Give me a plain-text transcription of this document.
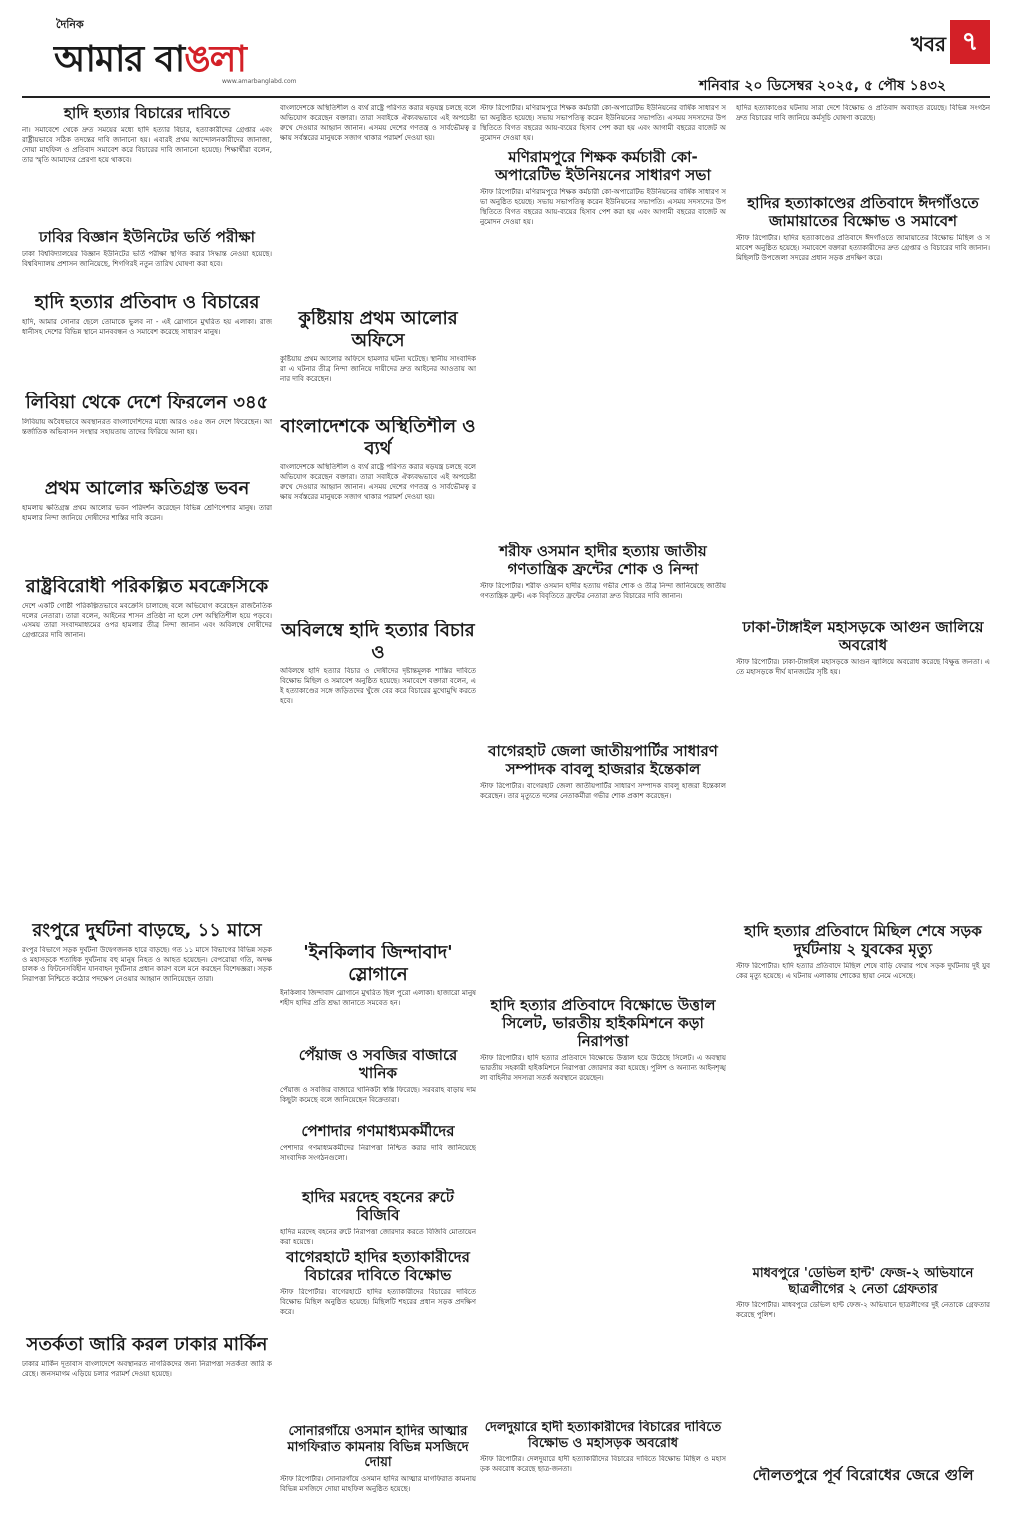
দৈনিক
আমার বাঙলা
www.amarbanglabd.com
খবর ৭
শনিবার ২০ ডিসেম্বর ২০২৫, ৫ পৌষ ১৪৩২
হাদি হত্যার বিচারের দাবিতে
না। সমাবেশে থেকে দ্রুত সময়ের মধ্যে হাদি হত্যার বিচার, হত্যাকারীদের গ্রেপ্তার এবং রাষ্ট্রীয়ভাবে সঠিক তদন্তের দাবি জানানো হয়। এবারই প্রথম আন্দোলনকারীদের জানাজা, দোয়া মাহফিল ও প্রতিবাদ সমাবেশ করে বিচারের দাবি জানানো হয়েছে। শিক্ষার্থীরা বলেন, তার স্মৃতি আমাদের প্রেরণা হয়ে থাকবে।
ঢাবির বিজ্ঞান ইউনিটের ভর্তি পরীক্ষা
ঢাকা বিশ্ববিদ্যালয়ের বিজ্ঞান ইউনিটের ভর্তি পরীক্ষা স্থগিত করার সিদ্ধান্ত নেওয়া হয়েছে। বিশ্ববিদ্যালয় প্রশাসন জানিয়েছে, শিগগিরই নতুন তারিখ ঘোষণা করা হবে।
হাদি হত্যার প্রতিবাদ ও বিচারের
হাদি, আমার সোনার ছেলে তোমাকে ভুলব না - এই স্লোগানে মুখরিত হয় এলাকা। রাজধানীসহ দেশের বিভিন্ন স্থানে মানববন্ধন ও সমাবেশ করেছে সাধারণ মানুষ।
লিবিয়া থেকে দেশে ফিরলেন ৩৪৫
লিবিয়ায় অবৈধভাবে অবস্থানরত বাংলাদেশিদের মধ্যে আরও ৩৪৫ জন দেশে ফিরেছেন। আন্তর্জাতিক অভিবাসন সংস্থার সহায়তায় তাদের ফিরিয়ে আনা হয়।
প্রথম আলোর ক্ষতিগ্রস্ত ভবন
হামলায় ক্ষতিগ্রস্ত প্রথম আলোর ভবন পরিদর্শন করেছেন বিভিন্ন শ্রেণিপেশার মানুষ। তারা হামলার নিন্দা জানিয়ে দোষীদের শাস্তির দাবি করেন।
রাষ্ট্রবিরোধী পরিকল্পিত মবক্রেসিকে
দেশে একটি গোষ্ঠী পরিকল্পিতভাবে মবক্রেসি চালাচ্ছে বলে অভিযোগ করেছেন রাজনৈতিক দলের নেতারা। তারা বলেন, আইনের শাসন প্রতিষ্ঠা না হলে দেশ অস্থিতিশীল হয়ে পড়বে। এসময় তারা সংবাদমাধ্যমের ওপর হামলার তীব্র নিন্দা জানান এবং অবিলম্বে দোষীদের গ্রেপ্তারের দাবি জানান।
রংপুরে দুর্ঘটনা বাড়ছে, ১১ মাসে
রংপুর বিভাগে সড়ক দুর্ঘটনা উদ্বেগজনক হারে বাড়ছে। গত ১১ মাসে বিভাগের বিভিন্ন সড়ক ও মহাসড়কে শতাধিক দুর্ঘটনায় বহু মানুষ নিহত ও আহত হয়েছেন। বেপরোয়া গতি, অদক্ষ চালক ও ফিটনেসবিহীন যানবাহন দুর্ঘটনার প্রধান কারণ বলে মনে করছেন বিশেষজ্ঞরা। সড়ক নিরাপত্তা নিশ্চিতে কঠোর পদক্ষেপ নেওয়ার আহ্বান জানিয়েছেন তারা।
সতর্কতা জারি করল ঢাকার মার্কিন
ঢাকার মার্কিন দূতাবাস বাংলাদেশে অবস্থানরত নাগরিকদের জন্য নিরাপত্তা সতর্কতা জারি করেছে। জনসমাগম এড়িয়ে চলার পরামর্শ দেওয়া হয়েছে।
বাংলাদেশকে অস্থিতিশীল ও ব্যর্থ রাষ্ট্রে পরিণত করার ষড়যন্ত্র চলছে বলে অভিযোগ করেছেন বক্তারা। তারা সবাইকে ঐক্যবদ্ধভাবে এই অপচেষ্টা রুখে দেওয়ার আহ্বান জানান। এসময় দেশের গণতন্ত্র ও সার্বভৌমত্ব রক্ষায় সর্বস্তরের মানুষকে সজাগ থাকার পরামর্শ দেওয়া হয়।
কুষ্টিয়ায় প্রথম আলোর অফিসে
কুষ্টিয়ায় প্রথম আলোর অফিসে হামলার ঘটনা ঘটেছে। স্থানীয় সাংবাদিকরা এ ঘটনার তীব্র নিন্দা জানিয়ে দায়ীদের দ্রুত আইনের আওতায় আনার দাবি করেছেন।
বাংলাদেশকে অস্থিতিশীল ও ব্যর্থ
বাংলাদেশকে অস্থিতিশীল ও ব্যর্থ রাষ্ট্রে পরিণত করার ষড়যন্ত্র চলছে বলে অভিযোগ করেছেন বক্তারা। তারা সবাইকে ঐক্যবদ্ধভাবে এই অপচেষ্টা রুখে দেওয়ার আহ্বান জানান। এসময় দেশের গণতন্ত্র ও সার্বভৌমত্ব রক্ষায় সর্বস্তরের মানুষকে সজাগ থাকার পরামর্শ দেওয়া হয়।
অবিলম্বে হাদি হত্যার বিচার ও
অবিলম্বে হাদি হত্যার বিচার ও দোষীদের দৃষ্টান্তমূলক শাস্তির দাবিতে বিক্ষোভ মিছিল ও সমাবেশ অনুষ্ঠিত হয়েছে। সমাবেশে বক্তারা বলেন, এই হত্যাকাণ্ডের সঙ্গে জড়িতদের খুঁজে বের করে বিচারের মুখোমুখি করতে হবে।
'ইনকিলাব জিন্দাবাদ' স্লোগানে
ইনকিলাব জিন্দাবাদ স্লোগানে মুখরিত ছিল পুরো এলাকা। হাজারো মানুষ শহীদ হাদির প্রতি শ্রদ্ধা জানাতে সমবেত হন।
পেঁয়াজ ও সবজির বাজারে খানিক
পেঁয়াজ ও সবজির বাজারে খানিকটা স্বস্তি ফিরেছে। সরবরাহ বাড়ায় দাম কিছুটা কমেছে বলে জানিয়েছেন বিক্রেতারা।
পেশাদার গণমাধ্যমকর্মীদের
পেশাদার গণমাধ্যমকর্মীদের নিরাপত্তা নিশ্চিত করার দাবি জানিয়েছে সাংবাদিক সংগঠনগুলো।
হাদির মরদেহ বহনের রুটে বিজিবি
হাদির মরদেহ বহনের রুটে নিরাপত্তা জোরদার করতে বিজিবি মোতায়েন করা হয়েছে।
বাগেরহাটে হাদির হত্যাকারীদের বিচারের দাবিতে বিক্ষোভ
স্টাফ রিপোর্টার। বাগেরহাটে হাদির হত্যাকারীদের বিচারের দাবিতে বিক্ষোভ মিছিল অনুষ্ঠিত হয়েছে। মিছিলটি শহরের প্রধান সড়ক প্রদক্ষিণ করে।
সোনারগাঁয়ে ওসমান হাদির আত্মার মাগফিরাত কামনায় বিভিন্ন মসজিদে দোয়া
স্টাফ রিপোর্টার। সোনারগাঁয়ে ওসমান হাদির আত্মার মাগফিরাত কামনায় বিভিন্ন মসজিদে দোয়া মাহফিল অনুষ্ঠিত হয়েছে।
স্টাফ রিপোর্টার। মণিরামপুরে শিক্ষক কর্মচারী কো-অপারেটিভ ইউনিয়নের বার্ষিক সাধারণ সভা অনুষ্ঠিত হয়েছে। সভায় সভাপতিত্ব করেন ইউনিয়নের সভাপতি। এসময় সদস্যদের উপস্থিতিতে বিগত বছরের আয়-ব্যয়ের হিসাব পেশ করা হয় এবং আগামী বছরের বাজেট অনুমোদন দেওয়া হয়।
মণিরামপুরে শিক্ষক কর্মচারী কো-অপারেটিভ ইউনিয়নের সাধারণ সভা
স্টাফ রিপোর্টার। মণিরামপুরে শিক্ষক কর্মচারী কো-অপারেটিভ ইউনিয়নের বার্ষিক সাধারণ সভা অনুষ্ঠিত হয়েছে। সভায় সভাপতিত্ব করেন ইউনিয়নের সভাপতি। এসময় সদস্যদের উপস্থিতিতে বিগত বছরের আয়-ব্যয়ের হিসাব পেশ করা হয় এবং আগামী বছরের বাজেট অনুমোদন দেওয়া হয়।
শরীফ ওসমান হাদীর হত্যায় জাতীয় গণতান্ত্রিক ফ্রন্টের শোক ও নিন্দা
স্টাফ রিপোর্টার। শরীফ ওসমান হাদীর হত্যায় গভীর শোক ও তীব্র নিন্দা জানিয়েছে জাতীয় গণতান্ত্রিক ফ্রন্ট। এক বিবৃতিতে ফ্রন্টের নেতারা দ্রুত বিচারের দাবি জানান।
বাগেরহাট জেলা জাতীয়পার্টির সাধারণ সম্পাদক বাবলু হাজরার ইন্তেকাল
স্টাফ রিপোর্টার। বাগেরহাট জেলা জাতীয়পার্টির সাধারণ সম্পাদক বাবলু হাজরা ইন্তেকাল করেছেন। তার মৃত্যুতে দলের নেতাকর্মীরা গভীর শোক প্রকাশ করেছেন।
হাদি হত্যার প্রতিবাদে বিক্ষোভে উত্তাল সিলেট, ভারতীয় হাইকমিশনে কড়া নিরাপত্তা
স্টাফ রিপোর্টার। হাদি হত্যার প্রতিবাদে বিক্ষোভে উত্তাল হয়ে উঠেছে সিলেট। এ অবস্থায় ভারতীয় সহকারী হাইকমিশনে নিরাপত্তা জোরদার করা হয়েছে। পুলিশ ও অন্যান্য আইনশৃঙ্খলা বাহিনীর সদস্যরা সতর্ক অবস্থানে রয়েছেন।
দেলদুয়ারে হাদী হত্যাকারীদের বিচারের দাবিতে বিক্ষোভ ও মহাসড়ক অবরোধ
স্টাফ রিপোর্টার। দেলদুয়ারে হাদী হত্যাকারীদের বিচারের দাবিতে বিক্ষোভ মিছিল ও মহাসড়ক অবরোধ করেছে ছাত্র-জনতা।
হাদির হত্যাকাণ্ডের ঘটনায় সারা দেশে বিক্ষোভ ও প্রতিবাদ অব্যাহত রয়েছে। বিভিন্ন সংগঠন দ্রুত বিচারের দাবি জানিয়ে কর্মসূচি ঘোষণা করেছে।
হাদির হত্যাকাণ্ডের প্রতিবাদে ঈদগাঁওতে জামায়াতের বিক্ষোভ ও সমাবেশ
স্টাফ রিপোর্টার। হাদির হত্যাকাণ্ডের প্রতিবাদে ঈদগাঁওতে জামায়াতের বিক্ষোভ মিছিল ও সমাবেশ অনুষ্ঠিত হয়েছে। সমাবেশে বক্তারা হত্যাকারীদের দ্রুত গ্রেপ্তার ও বিচারের দাবি জানান। মিছিলটি উপজেলা সদরের প্রধান সড়ক প্রদক্ষিণ করে।
ঢাকা-টাঙ্গাইল মহাসড়কে আগুন জালিয়ে অবরোধ
স্টাফ রিপোর্টার। ঢাকা-টাঙ্গাইল মহাসড়কে আগুন জ্বালিয়ে অবরোধ করেছে বিক্ষুব্ধ জনতা। এতে মহাসড়কে দীর্ঘ যানজটের সৃষ্টি হয়।
হাদি হত্যার প্রতিবাদে মিছিল শেষে সড়ক দুর্ঘটনায় ২ যুবকের মৃত্যু
স্টাফ রিপোর্টার। হাদি হত্যার প্রতিবাদে মিছিল শেষে বাড়ি ফেরার পথে সড়ক দুর্ঘটনায় দুই যুবকের মৃত্যু হয়েছে। এ ঘটনায় এলাকায় শোকের ছায়া নেমে এসেছে।
মাধবপুরে 'ডেভিল হান্ট' ফেজ-২ অভিযানে ছাত্রলীগের ২ নেতা গ্রেফতার
স্টাফ রিপোর্টার। মাধবপুরে ডেভিল হান্ট ফেজ-২ অভিযানে ছাত্রলীগের দুই নেতাকে গ্রেফতার করেছে পুলিশ।
দৌলতপুরে পূর্ব বিরোধের জেরে গুলি
